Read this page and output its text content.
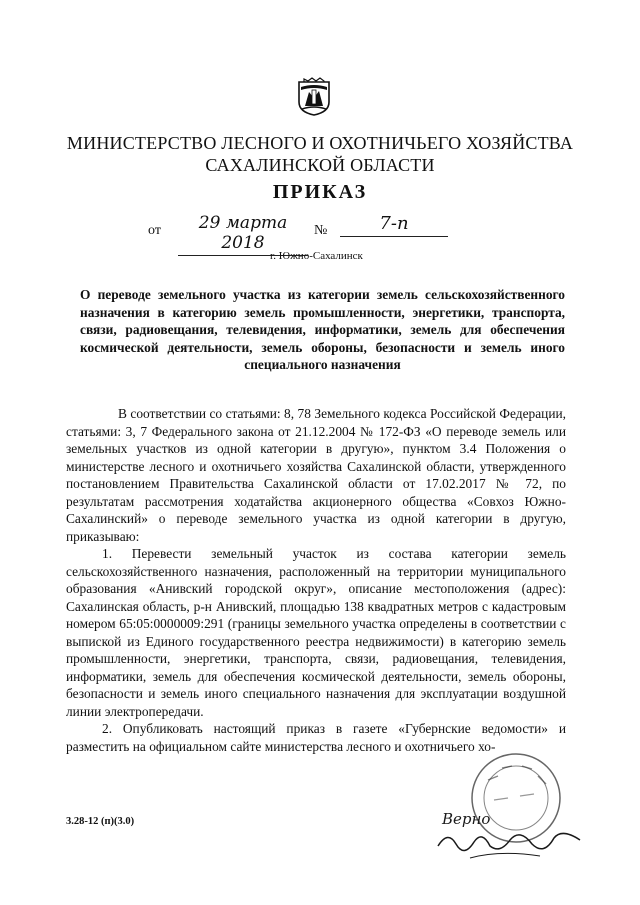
МИНИСТЕРСТВО ЛЕСНОГО И ОХОТНИЧЬЕГО ХОЗЯЙСТВА
САХАЛИНСКОЙ ОБЛАСТИ
ПРИКАЗ
от	29 марта 2018
№	7-п
г. Южно-Сахалинск
О переводе земельного участка из категории земель сельскохозяйственного назначения в категорию земель промышленности, энергетики, транспорта, связи, радиовещания, телевидения, информатики, земель для обеспечения космической деятельности, земель обороны, безопасности и земель иного специального назначения

В соответствии со статьями: 8, 78 Земельного кодекса Российской Федерации, статьями: 3, 7 Федерального закона от 21.12.2004 № 172-ФЗ «О переводе земель или земельных участков из одной категории в другую», пунктом 3.4 Положения о министерстве лесного и охотничьего хозяйства Сахалинской области, утвержденного постановлением Правительства Сахалинской области от 17.02.2017 № 72, по результатам рассмотрения ходатайства акционерного общества «Совхоз Южно-Сахалинский» о переводе земельного участка из одной категории в другую, приказываю:

1. Перевести земельный участок из состава категории земель сельскохозяйственного назначения, расположенный на территории муниципального образования «Анивский городской округ», описание местоположения (адрес): Сахалинская область, р-н Анивский, площадью 138 квадратных метров с кадастровым номером 65:05:0000009:291 (границы земельного участка определены в соответствии с выпиской из Единого государственного реестра недвижимости) в категорию земель промышленности, энергетики, транспорта, связи, радиовещания, телевидения, информатики, земель для обеспечения космической деятельности, земель обороны, безопасности и земель иного специального назначения для эксплуатации воздушной линии электропередачи.

2. Опубликовать настоящий приказ в газете «Губернские ведомости» и разместить на официальном сайте министерства лесного и охотничьего хо-

3.28-12 (п)(3.0)	Верно
